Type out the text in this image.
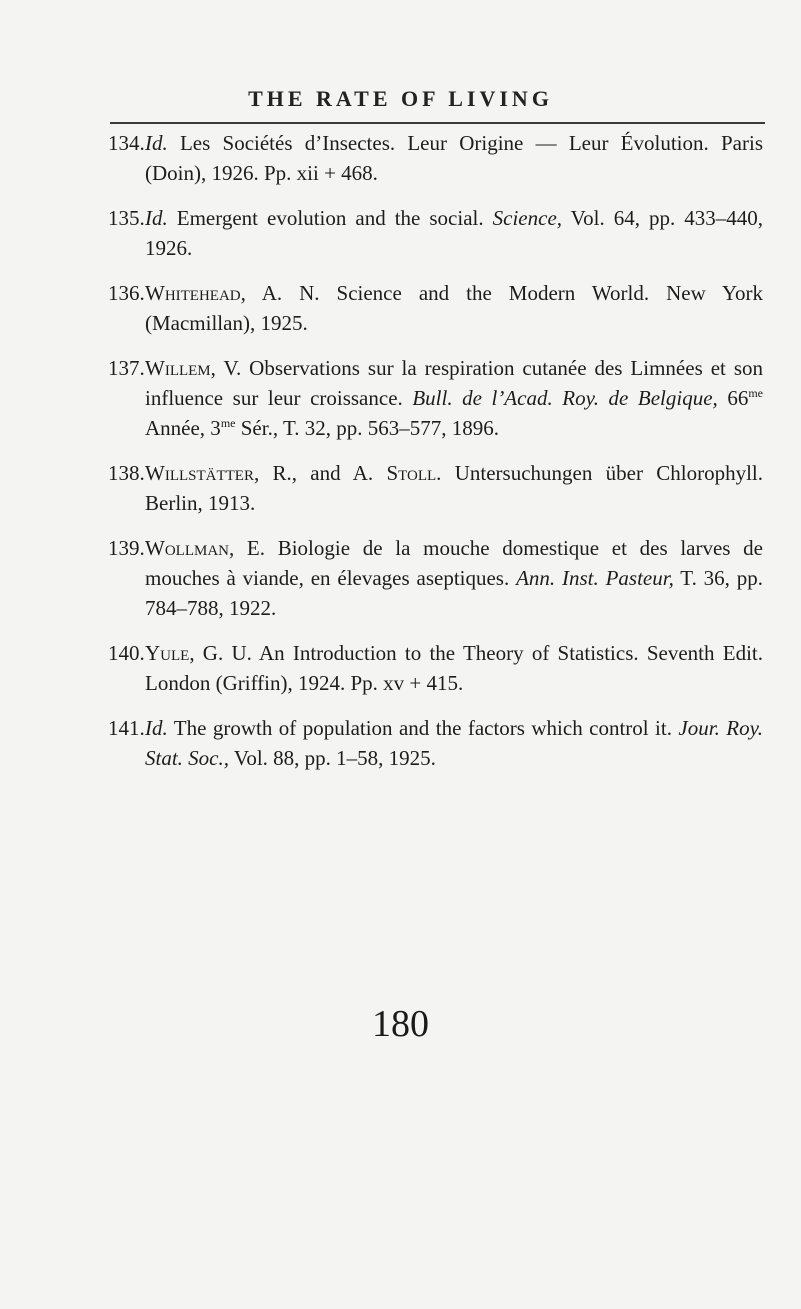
THE RATE OF LIVING
134. Id. Les Sociétés d’Insectes. Leur Origine — Leur Évolution. Paris (Doin), 1926. Pp. xii + 468.
135. Id. Emergent evolution and the social. Science, Vol. 64, pp. 433–440, 1926.
136. Whitehead, A. N. Science and the Modern World. New York (Macmillan), 1925.
137. Willem, V. Observations sur la respiration cutanée des Limnées et son influence sur leur croissance. Bull. de l’Acad. Roy. de Belgique, $66^{me}$ Année, $3^{me}$ Sér., T. 32, pp. 563–577, 1896.
138. Willstätter, R., and A. Stoll. Untersuchungen über Chlorophyll. Berlin, 1913.
139. Wollman, E. Biologie de la mouche domestique et des larves de mouches à viande, en élevages aseptiques. Ann. Inst. Pasteur, T. 36, pp. 784–788, 1922.
140. Yule, G. U. An Introduction to the Theory of Statistics. Seventh Edit. London (Griffin), 1924. Pp. xv + 415.
141. Id. The growth of population and the factors which control it. Jour. Roy. Stat. Soc., Vol. 88, pp. 1–58, 1925.
180
